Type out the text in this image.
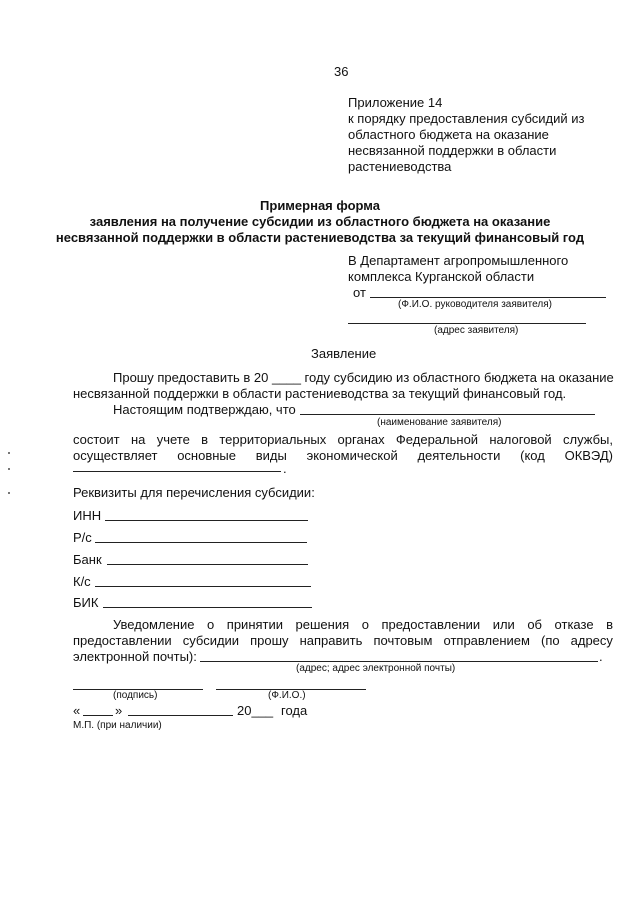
36
Приложение 14
к порядку предоставления субсидий из
областного бюджета на оказание
несвязанной поддержки в области
растениеводства
Примерная форма
заявления на получение субсидии из областного бюджета на оказание
несвязанной поддержки в области растениеводства за текущий финансовый год
В Департамент агропромышленного
комплекса Курганской области
от
(Ф.И.О. руководителя заявителя)
(адрес заявителя)
Заявление
Прошу предоставить в 20 ____ году субсидию из областного бюджета на оказание
несвязанной поддержки в области растениеводства за текущий финансовый год.
Настоящим подтверждаю, что
(наименование заявителя)
состоит на учете в территориальных органах Федеральной налоговой службы,
осуществляет основные виды экономической деятельности (код ОКВЭД)
.
Реквизиты для перечисления субсидии:
ИНН
Р/с
Банк
К/с
БИК
Уведомление о принятии решения о предоставлении или об отказе в
предоставлении субсидии прошу направить почтовым отправлением (по адресу
электронной почты):	.
(адрес; адрес электронной почты)
(подпись)	(Ф.И.О.)
«	»	20___ года
М.П. (при наличии)
